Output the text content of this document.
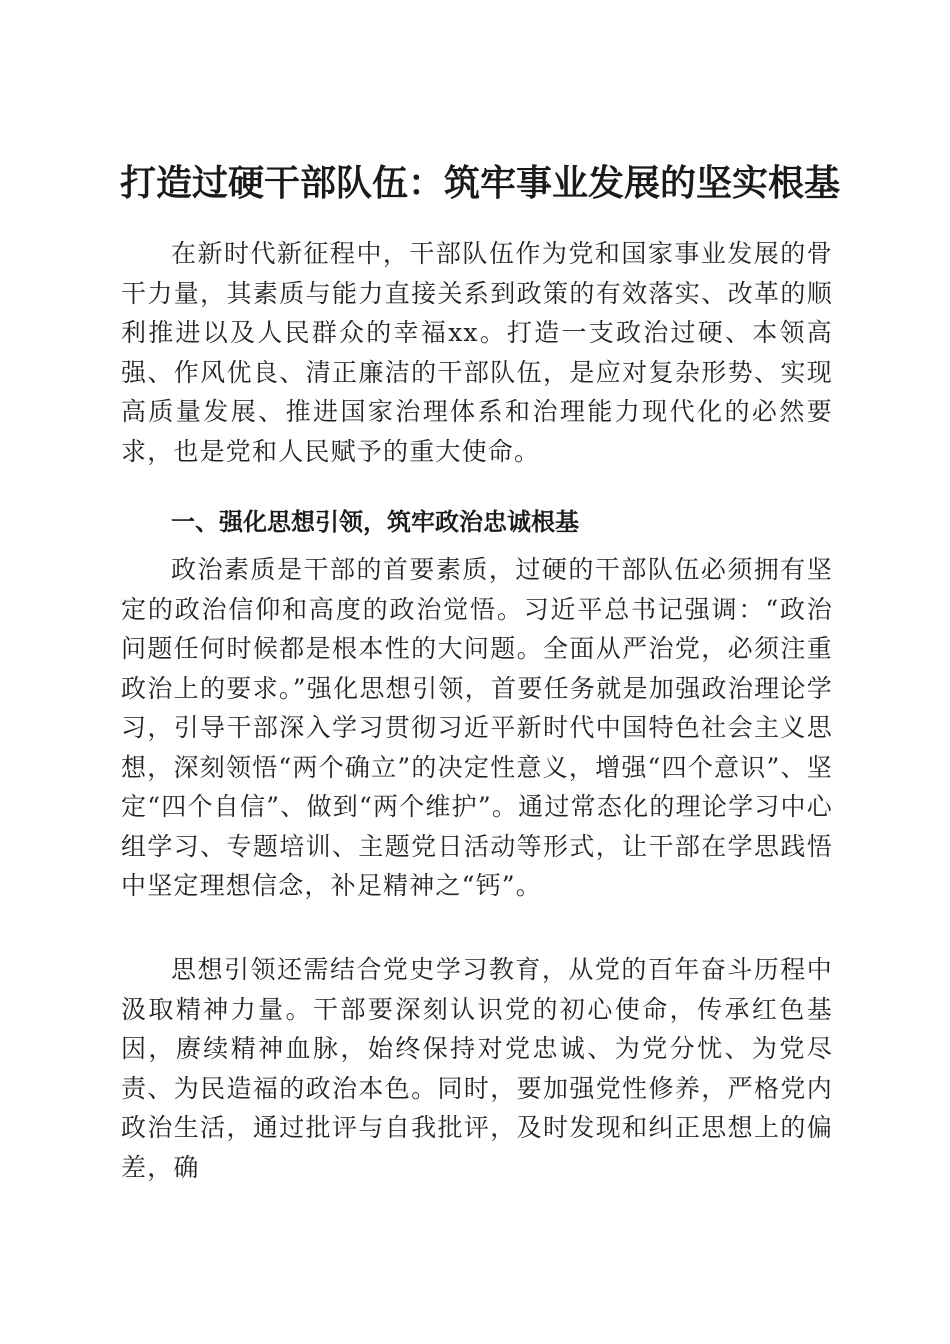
打造过硬干部队伍：筑牢事业发展的坚实根基

在新时代新征程中，干部队伍作为党和国家事业发展的骨干力量，其素质与能力直接关系到政策的有效落实、改革的顺利推进以及人民群众的幸福xx。打造一支政治过硬、本领高强、作风优良、清正廉洁的干部队伍，是应对复杂形势、实现高质量发展、推进国家治理体系和治理能力现代化的必然要求，也是党和人民赋予的重大使命。

一、强化思想引领，筑牢政治忠诚根基

政治素质是干部的首要素质，过硬的干部队伍必须拥有坚定的政治信仰和高度的政治觉悟。习近平总书记强调：“政治问题任何时候都是根本性的大问题。全面从严治党，必须注重政治上的要求。”强化思想引领，首要任务就是加强政治理论学习，引导干部深入学习贯彻习近平新时代中国特色社会主义思想，深刻领悟“两个确立”的决定性意义，增强“四个意识”、坚定“四个自信”、做到“两个维护”。通过常态化的理论学习中心组学习、专题培训、主题党日活动等形式，让干部在学思践悟中坚定理想信念，补足精神之“钙”。

思想引领还需结合党史学习教育，从党的百年奋斗历程中汲取精神力量。干部要深刻认识党的初心使命，传承红色基因，赓续精神血脉，始终保持对党忠诚、为党分忧、为党尽责、为民造福的政治本色。同时，要加强党性修养，严格党内政治生活，通过批评与自我批评，及时发现和纠正思想上的偏差，确
